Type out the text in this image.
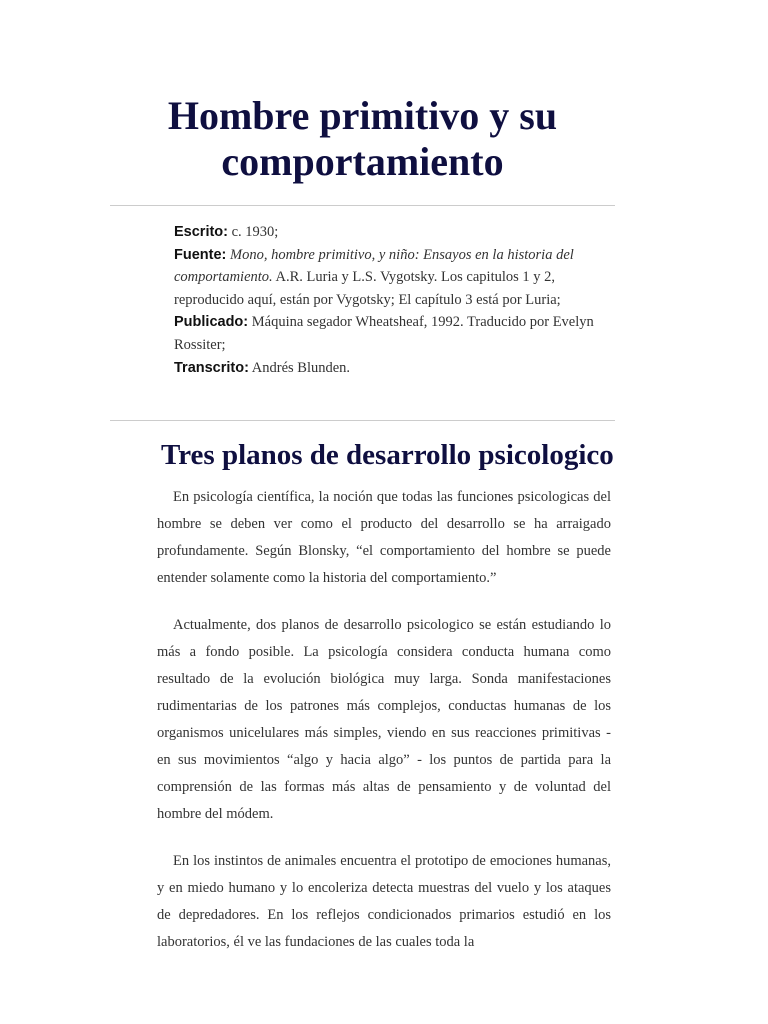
Hombre primitivo y su comportamiento

Escrito: c. 1930;

Fuente: Mono, hombre primitivo, y niño: Ensayos en la historia del comportamiento. A.R. Luria y L.S. Vygotsky. Los capitulos 1 y 2, reproducido aquí, están por Vygotsky; El capítulo 3 está por Luria;

Publicado: Máquina segador Wheatsheaf, 1992. Traducido por Evelyn Rossiter;

Transcrito: Andrés Blunden.

Tres planos de desarrollo psicologico

En psicología científica, la noción que todas las funciones psicologicas del hombre se deben ver como el producto del desarrollo se ha arraigado profundamente. Según Blonsky, “el comportamiento del hombre se puede entender solamente como la historia del comportamiento.”

Actualmente, dos planos de desarrollo psicologico se están estudiando lo más a fondo posible. La psicología considera conducta humana como resultado de la evolución biológica muy larga. Sonda manifestaciones rudimentarias de los patrones más complejos, conductas humanas de los organismos unicelulares más simples, viendo en sus reacciones primitivas - en sus movimientos “algo y hacia algo” - los puntos de partida para la comprensión de las formas más altas de pensamiento y de voluntad del hombre del módem.

En los instintos de animales encuentra el prototipo de emociones humanas, y en miedo humano y lo encoleriza detecta muestras del vuelo y los ataques de depredadores. En los reflejos condicionados primarios estudió en los laboratorios, él ve las fundaciones de las cuales toda la
